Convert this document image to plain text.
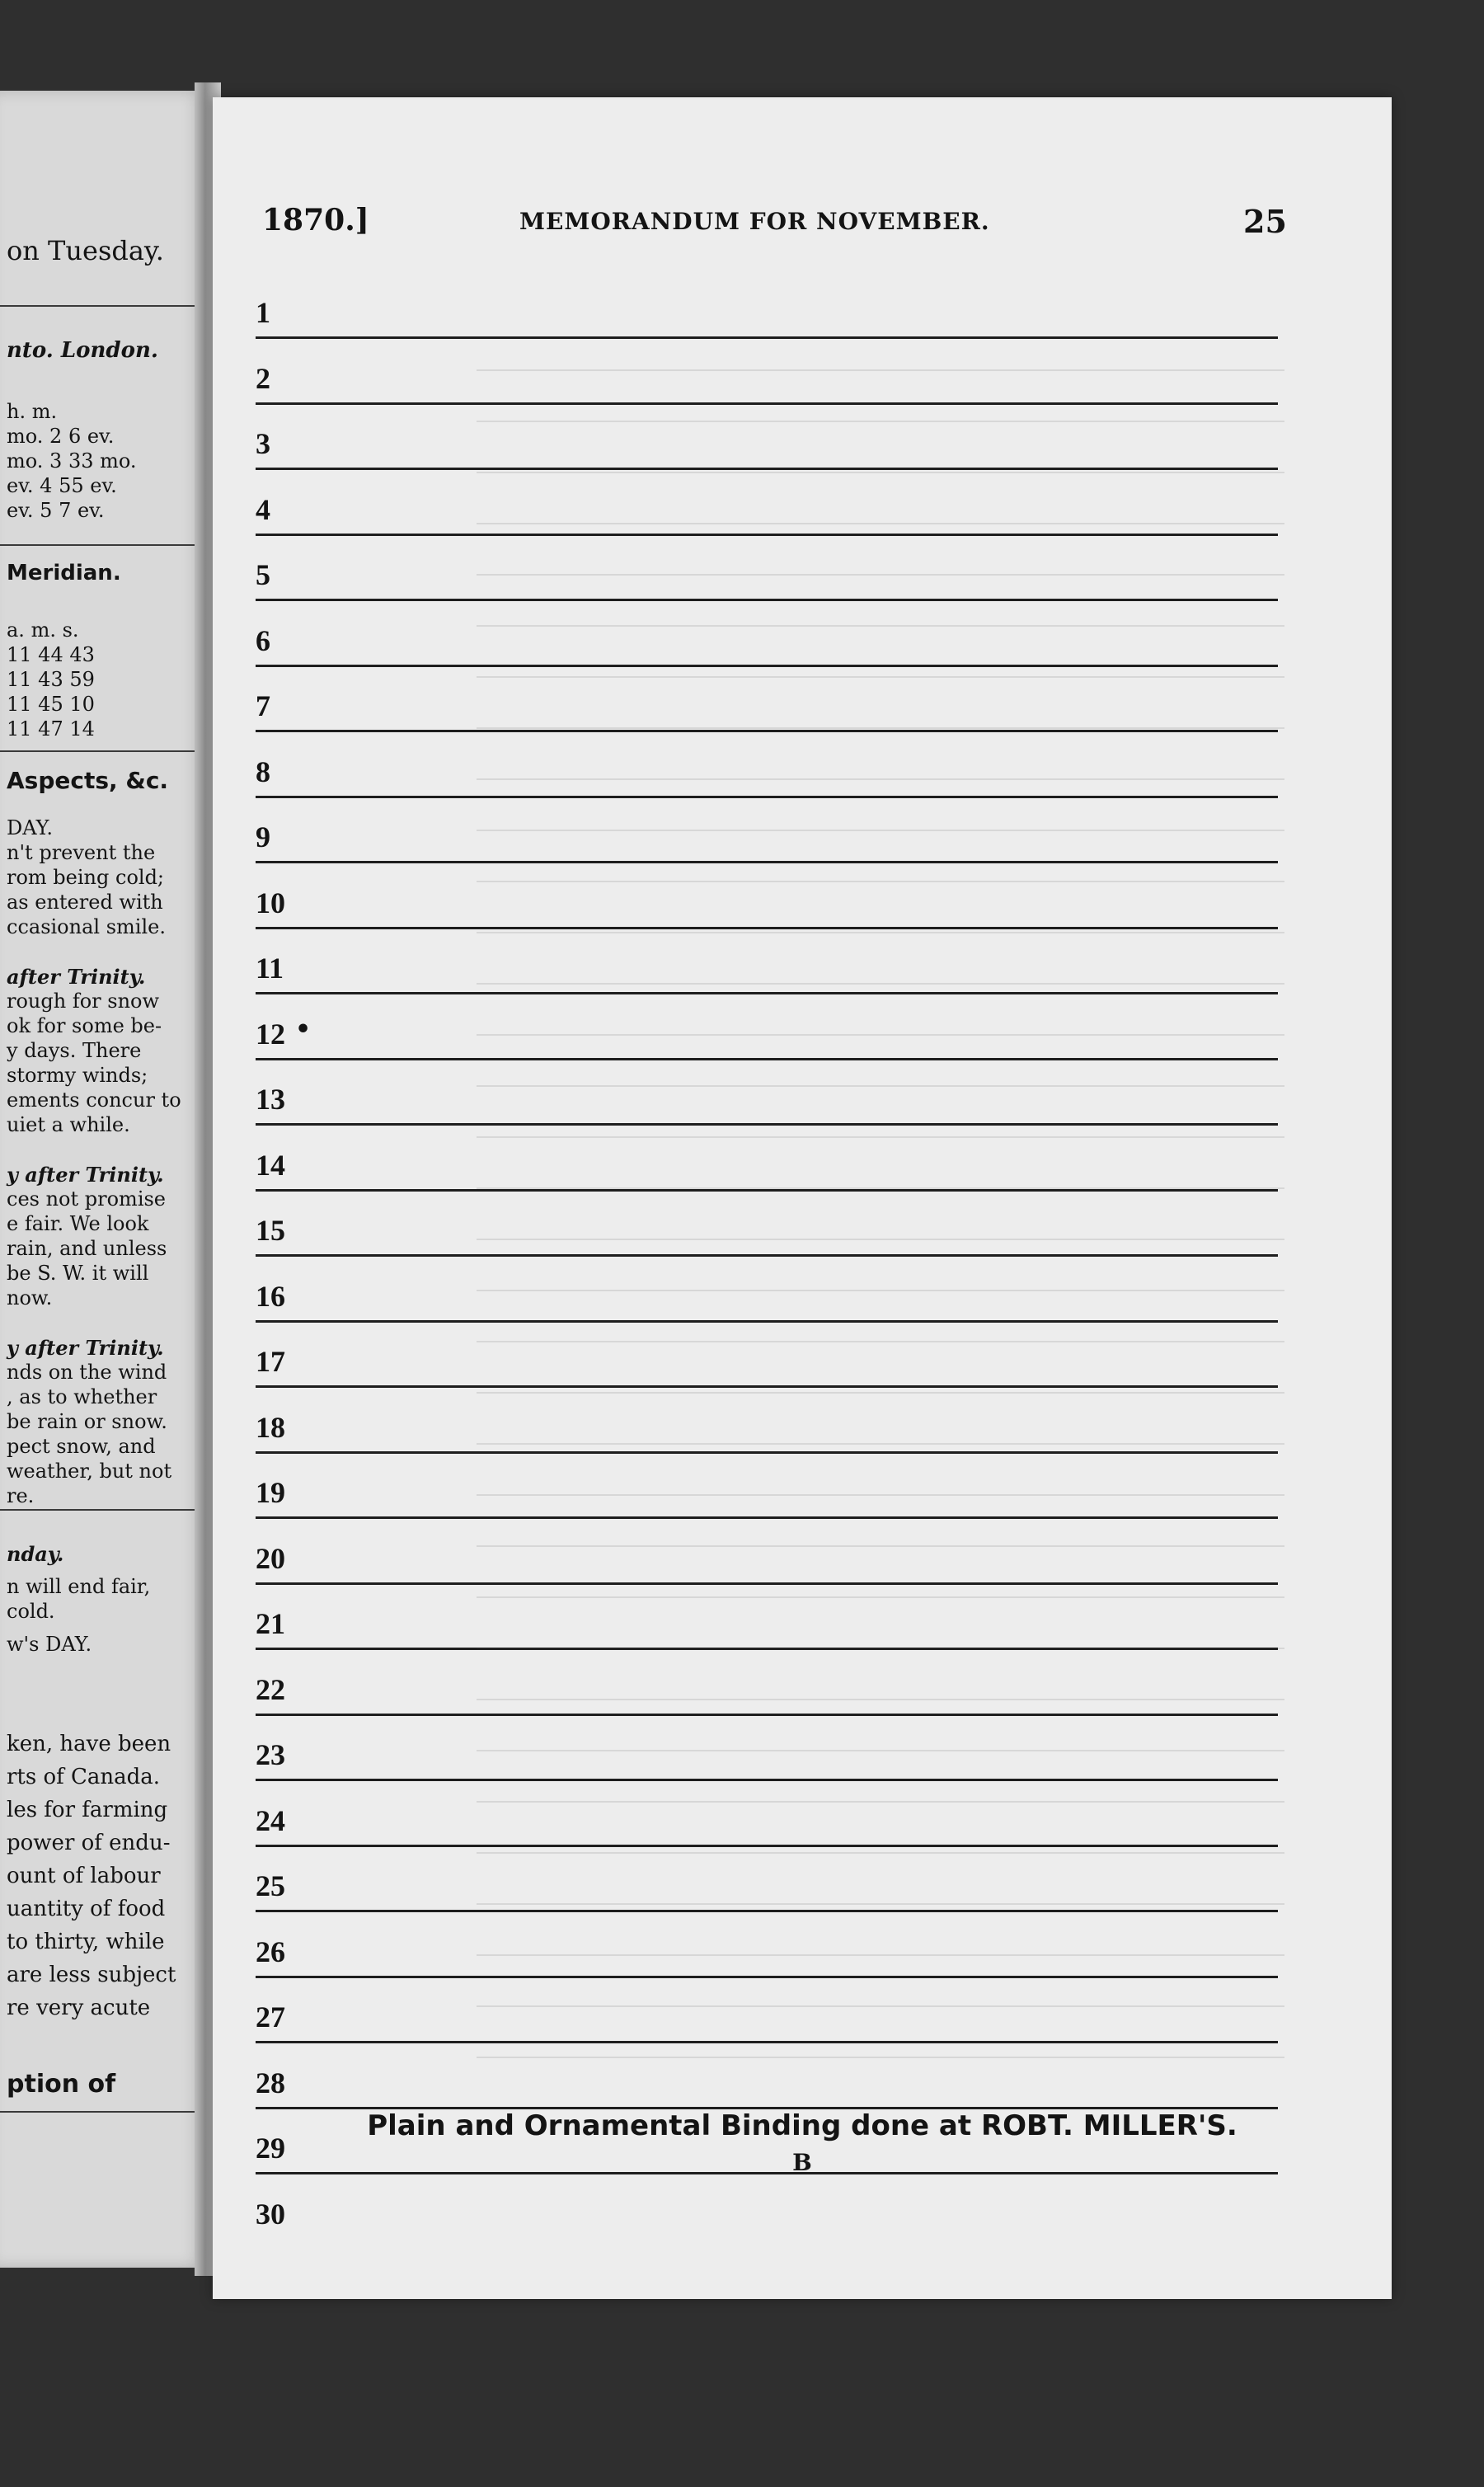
on Tuesday.
nto. London.
h. m.
mo. 2 6 ev.
mo. 3 33 mo.
ev. 4 55 ev.
ev. 5 7 ev.
Meridian.
a. m. s.
11 44 43
11 43 59
11 45 10
11 47 14
Aspects, &c.
DAY.
n't prevent the
rom being cold;
as entered with
ccasional smile.
after Trinity.
rough for snow
ok for some be-
y days. There
stormy winds;
ements concur to
uiet a while.
y after Trinity.
ces not promise
e fair. We look
rain, and unless
be S. W. it will
now.
y after Trinity.
nds on the wind
, as to whether
be rain or snow.
pect snow, and
weather, but not
re.
nday.
n will end fair,
cold.
w's DAY.
ken, have been
rts of Canada.
les for farming
power of endu-
ount of labour
uantity of food
to thirty, while
are less subject
re very acute
ption of
1870.]	MEMORANDUM FOR NOVEMBER.	25
1
2
3
4
5
6
7
8
9
10
11
12 •
13
14
15
16
17
18
19
20
21
22
23
24
25
26
27
28
29
30
Plain and Ornamental Binding done at ROBT. MILLER'S.
B
